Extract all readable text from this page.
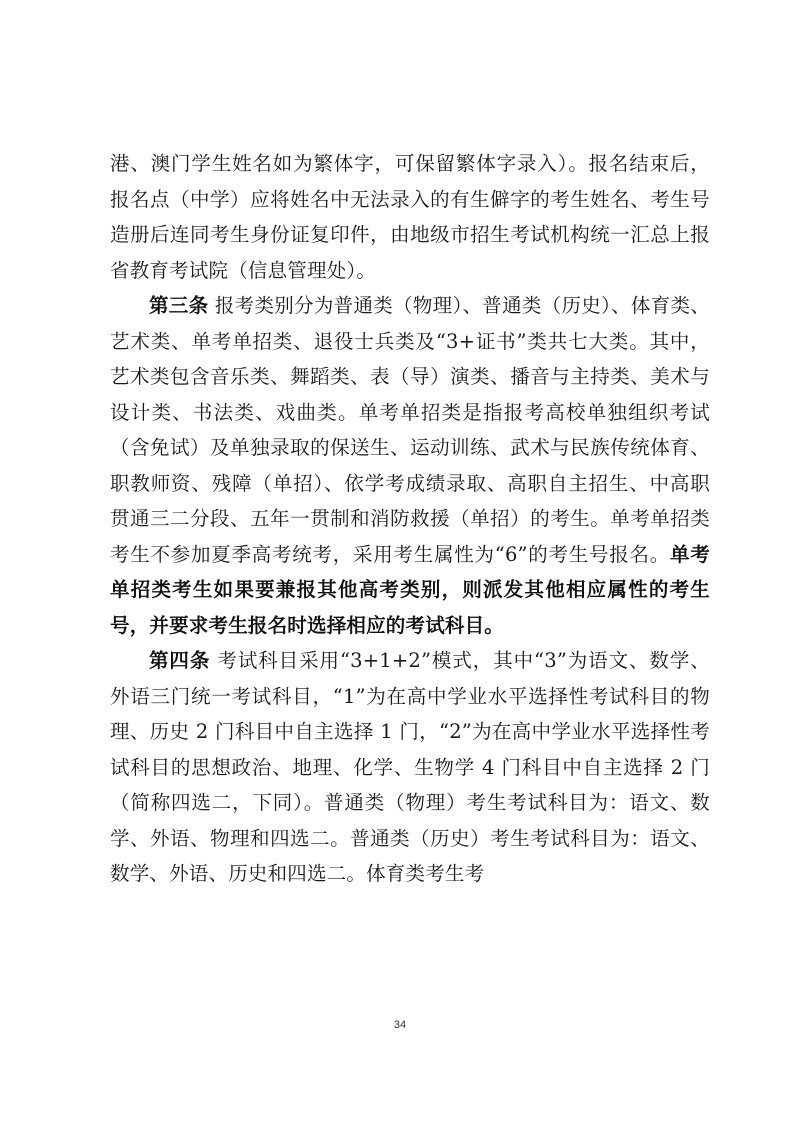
港、澳门学生姓名如为繁体字，可保留繁体字录入）。报名结束后，报名点（中学）应将姓名中无法录入的有生僻字的考生姓名、考生号造册后连同考生身份证复印件，由地级市招生考试机构统一汇总上报省教育考试院（信息管理处）。

第三条 报考类别分为普通类（物理）、普通类（历史）、体育类、艺术类、单考单招类、退役士兵类及“3+证书”类共七大类。其中，艺术类包含音乐类、舞蹈类、表（导）演类、播音与主持类、美术与设计类、书法类、戏曲类。单考单招类是指报考高校单独组织考试（含免试）及单独录取的保送生、运动训练、武术与民族传统体育、职教师资、残障（单招）、依学考成绩录取、高职自主招生、中高职贯通三二分段、五年一贯制和消防救援（单招）的考生。单考单招类考生不参加夏季高考统考，采用考生属性为“6”的考生号报名。单考单招类考生如果要兼报其他高考类别，则派发其他相应属性的考生号，并要求考生报名时选择相应的考试科目。

第四条 考试科目采用“3+1+2”模式，其中“3”为语文、数学、外语三门统一考试科目，“1”为在高中学业水平选择性考试科目的物理、历史 2 门科目中自主选择 1 门，“2”为在高中学业水平选择性考试科目的思想政治、地理、化学、生物学 4 门科目中自主选择 2 门（简称四选二，下同）。普通类（物理）考生考试科目为：语文、数学、外语、物理和四选二。普通类（历史）考生考试科目为：语文、数学、外语、历史和四选二。体育类考生考

34
